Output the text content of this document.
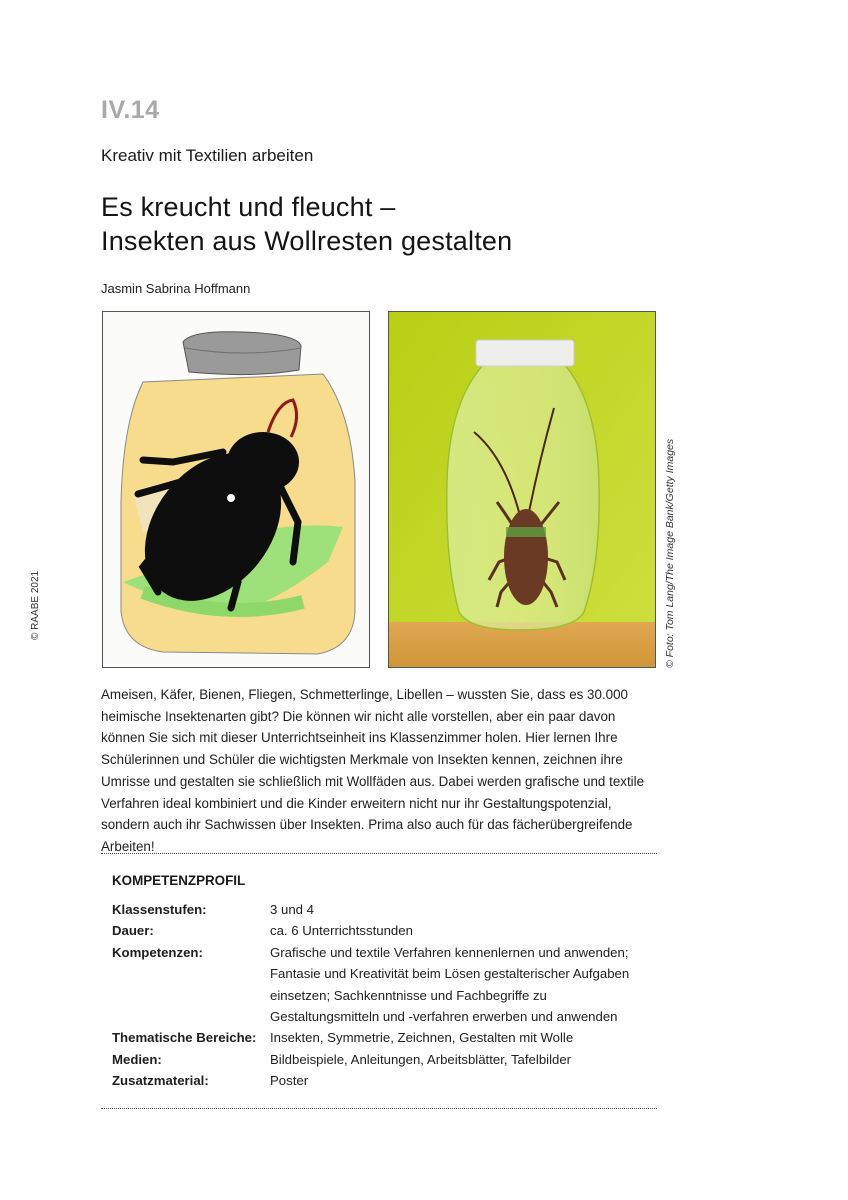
IV.14
Kreativ mit Textilien arbeiten
Es kreucht und fleucht –
Insekten aus Wollresten gestalten
Jasmin Sabrina Hoffmann
© RAABE 2021	© Foto: Tom Lang/The Image Bank/Getty Images

Ameisen, Käfer, Bienen, Fliegen, Schmetterlinge, Libellen – wussten Sie, dass es 30.000 heimische Insektenarten gibt? Die können wir nicht alle vorstellen, aber ein paar davon können Sie sich mit dieser Unterrichtseinheit ins Klassenzimmer holen. Hier lernen Ihre Schülerinnen und Schüler die wichtigsten Merkmale von Insekten kennen, zeichnen ihre Umrisse und gestalten sie schließlich mit Wollfäden aus. Dabei werden grafische und textile Verfahren ideal kombiniert und die Kinder erweitern nicht nur ihr Gestaltungspotenzial, sondern auch ihr Sachwissen über Insekten. Prima also auch für das fächerübergreifende Arbeiten!

KOMPETENZPROFIL
Klassenstufen:	3 und 4
Dauer:	ca. 6 Unterrichtsstunden
Kompetenzen:	Grafische und textile Verfahren kennenlernen und anwenden; Fantasie und Kreativität beim Lösen gestalterischer Aufgaben einsetzen; Sachkenntnisse und Fachbegriffe zu Gestaltungsmitteln und -verfahren erwerben und anwenden
Thematische Bereiche:	Insekten, Symmetrie, Zeichnen, Gestalten mit Wolle
Medien:	Bildbeispiele, Anleitungen, Arbeitsblätter, Tafelbilder
Zusatzmaterial:	Poster
